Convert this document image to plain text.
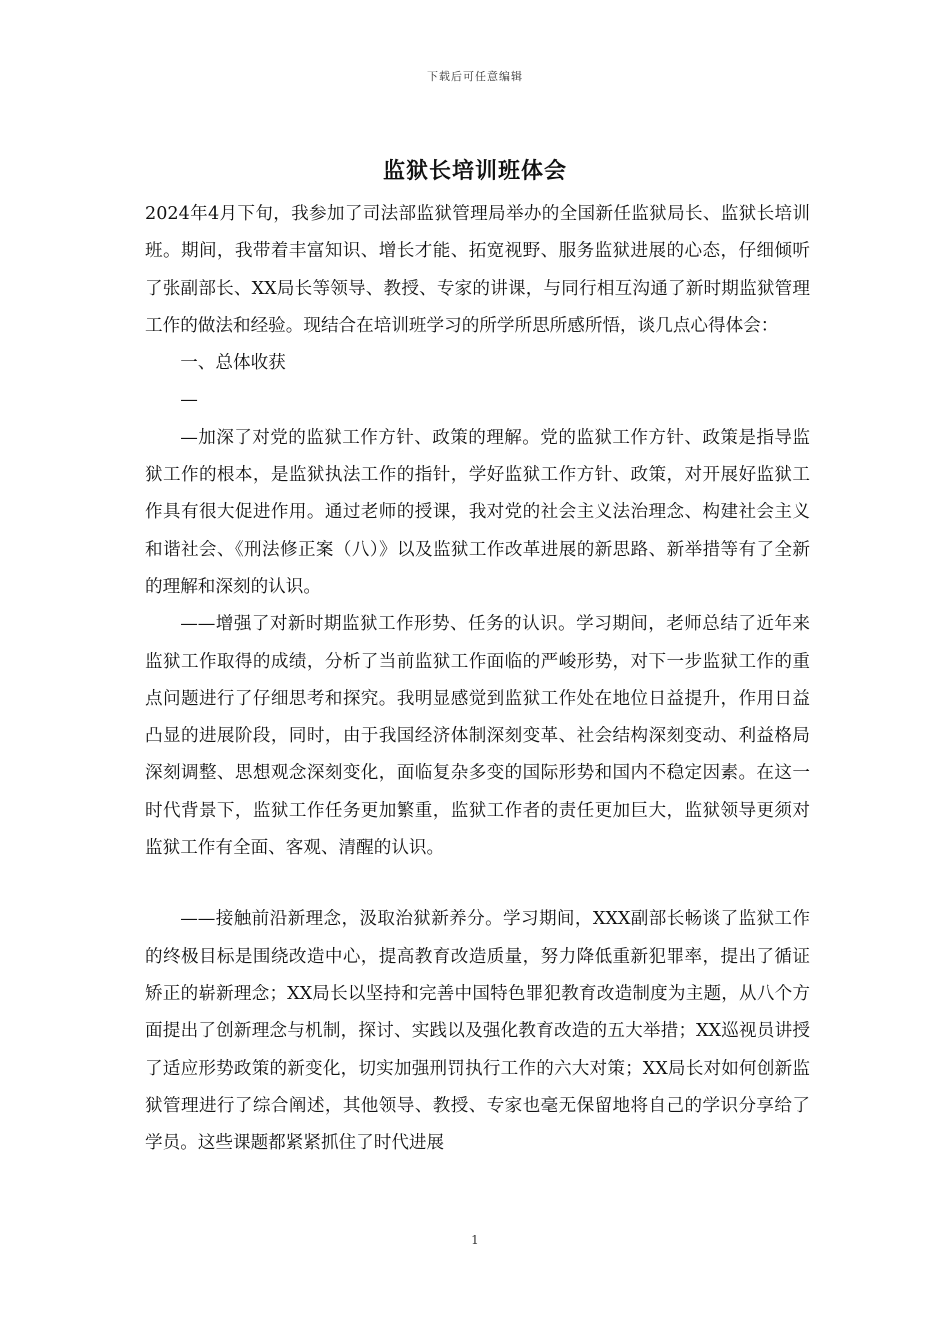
下载后可任意编辑
监狱长培训班体会

2024年4月下旬，我参加了司法部监狱管理局举办的全国新任监狱局长、监狱长培训班。期间，我带着丰富知识、增长才能、拓宽视野、服务监狱进展的心态，仔细倾听了张副部长、XX局长等领导、教授、专家的讲课，与同行相互沟通了新时期监狱管理工作的做法和经验。现结合在培训班学习的所学所思所感所悟，谈几点心得体会：

一、总体收获

—

—加深了对党的监狱工作方针、政策的理解。党的监狱工作方针、政策是指导监狱工作的根本，是监狱执法工作的指针，学好监狱工作方针、政策，对开展好监狱工作具有很大促进作用。通过老师的授课，我对党的社会主义法治理念、构建社会主义和谐社会、《刑法修正案（八）》以及监狱工作改革进展的新思路、新举措等有了全新的理解和深刻的认识。

——增强了对新时期监狱工作形势、任务的认识。学习期间，老师总结了近年来监狱工作取得的成绩，分析了当前监狱工作面临的严峻形势，对下一步监狱工作的重点问题进行了仔细思考和探究。我明显感觉到监狱工作处在地位日益提升，作用日益凸显的进展阶段，同时，由于我国经济体制深刻变革、社会结构深刻变动、利益格局深刻调整、思想观念深刻变化，面临复杂多变的国际形势和国内不稳定因素。在这一时代背景下，监狱工作任务更加繁重，监狱工作者的责任更加巨大，监狱领导更须对监狱工作有全面、客观、清醒的认识。

——接触前沿新理念，汲取治狱新养分。学习期间，XXX副部长畅谈了监狱工作的终极目标是围绕改造中心，提高教育改造质量，努力降低重新犯罪率，提出了循证矫正的崭新理念；XX局长以坚持和完善中国特色罪犯教育改造制度为主题，从八个方面提出了创新理念与机制，探讨、实践以及强化教育改造的五大举措；XX巡视员讲授了适应形势政策的新变化，切实加强刑罚执行工作的六大对策；XX局长对如何创新监狱管理进行了综合阐述，其他领导、教授、专家也毫无保留地将自己的学识分享给了学员。这些课题都紧紧抓住了时代进展

1
